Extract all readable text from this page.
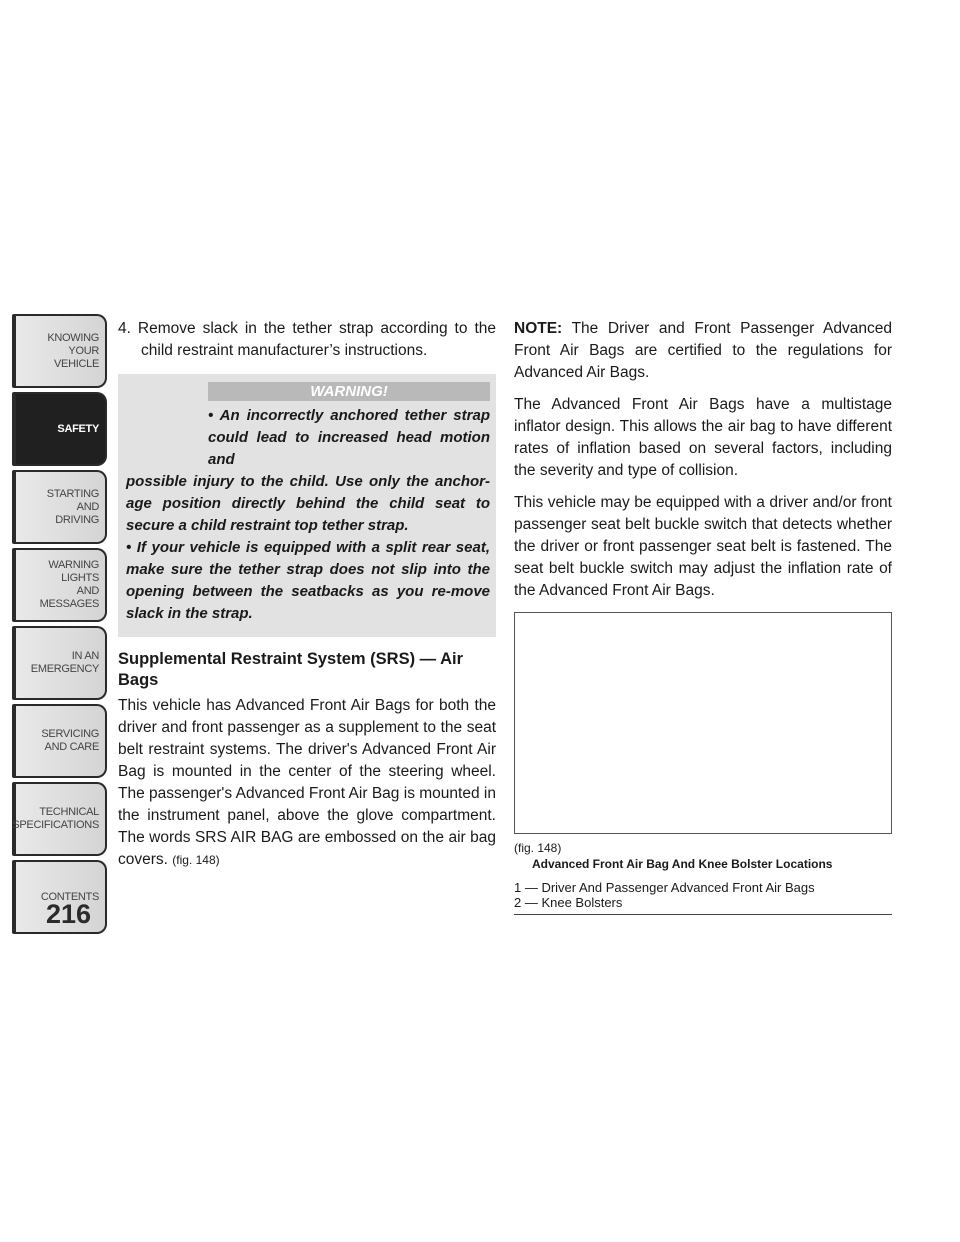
KNOWING
YOUR
VEHICLE
SAFETY
STARTING
AND
DRIVING
WARNING
LIGHTS
AND
MESSAGES
IN AN
EMERGENCY
SERVICING
AND CARE
TECHNICAL
SPECIFICATIONS
CONTENTS
216

4. Remove slack in the tether strap according to the child restraint manufacturer’s instructions.

WARNING!
• An incorrectly anchored tether strap could lead to increased head motion and
possible injury to the child. Use only the anchor-age position directly behind the child seat to secure a child restraint top tether strap.
• If your vehicle is equipped with a split rear seat, make sure the tether strap does not slip into the opening between the seatbacks as you re-move slack in the strap.
Supplemental Restraint System (SRS) — Air Bags

This vehicle has Advanced Front Air Bags for both the driver and front passenger as a supplement to the seat belt restraint systems. The driver's Advanced Front Air Bag is mounted in the center of the steering wheel. The passenger's Advanced Front Air Bag is mounted in the instrument panel, above the glove compartment. The words SRS AIR BAG are embossed on the air bag covers. (fig. 148)

NOTE: The Driver and Front Passenger Advanced Front Air Bags are certified to the regulations for Advanced Air Bags.

The Advanced Front Air Bags have a multistage inflator design. This allows the air bag to have different rates of inflation based on several factors, including the severity and type of collision.

This vehicle may be equipped with a driver and/or front passenger seat belt buckle switch that detects whether the driver or front passenger seat belt is fastened. The seat belt buckle switch may adjust the inflation rate of the Advanced Front Air Bags.

(fig. 148)
Advanced Front Air Bag And Knee Bolster Locations
1 — Driver And Passenger Advanced Front Air Bags
2 — Knee Bolsters
